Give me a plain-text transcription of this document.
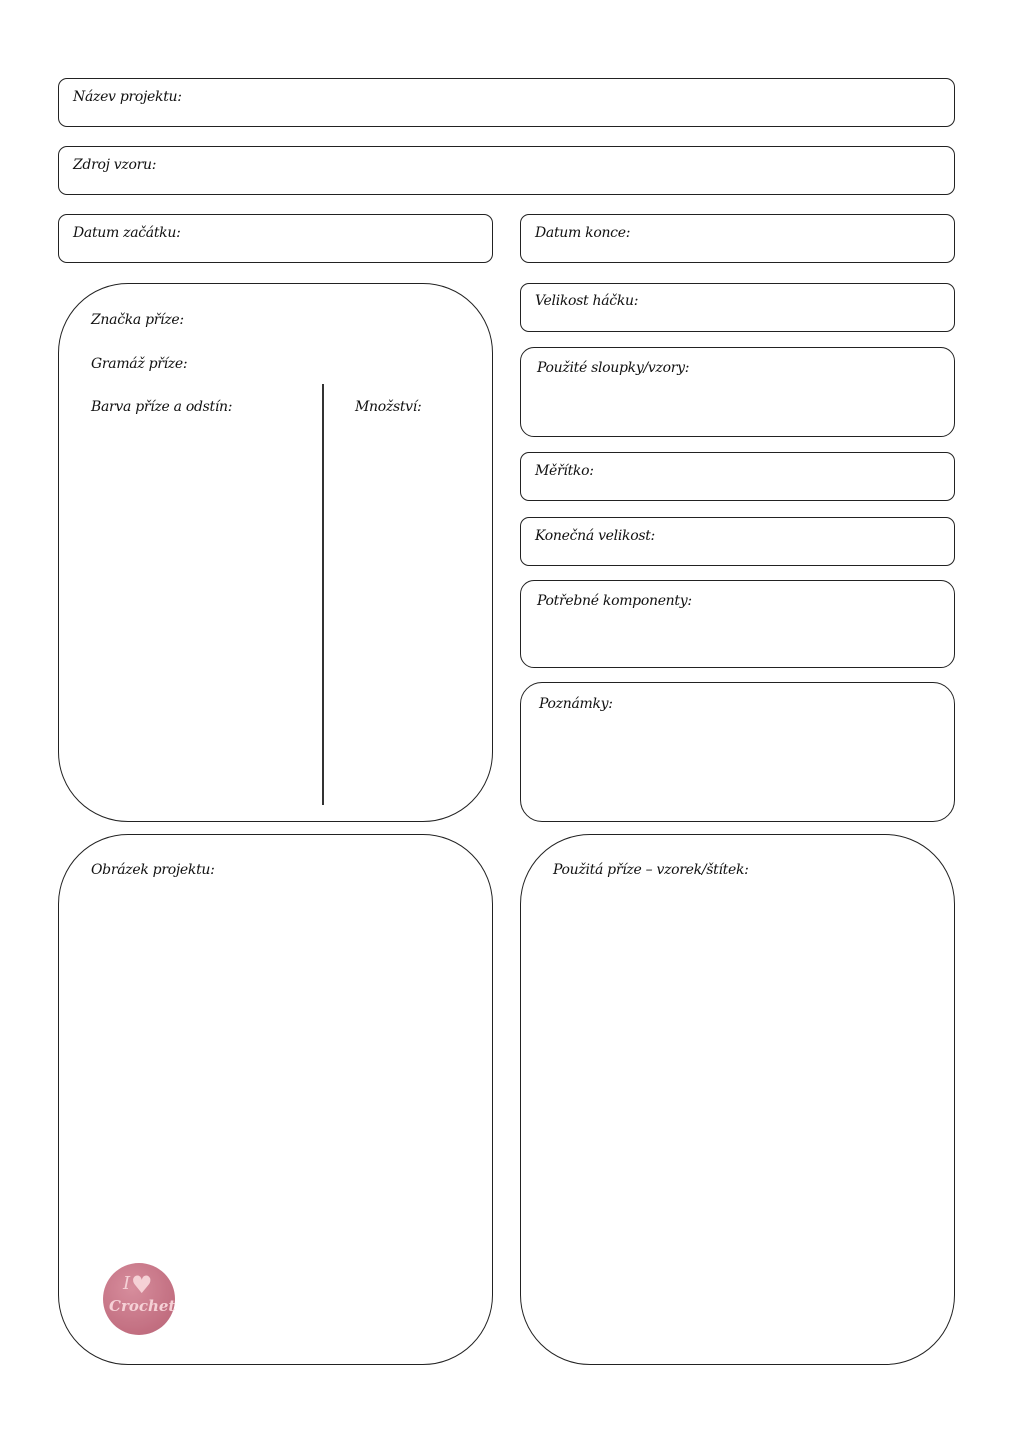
Název projektu:
Zdroj vzoru:
Datum začátku:	Datum konce:
Značka příze:
Gramáž příze:
Barva příze a odstín:	Množství:
Velikost háčku:
Použité sloupky/vzory:
Měřítko:
Konečná velikost:
Potřebné komponenty:
Poznámky:
Obrázek projektu:
I ♥
Crochet
Použitá příze – vzorek/štítek:
